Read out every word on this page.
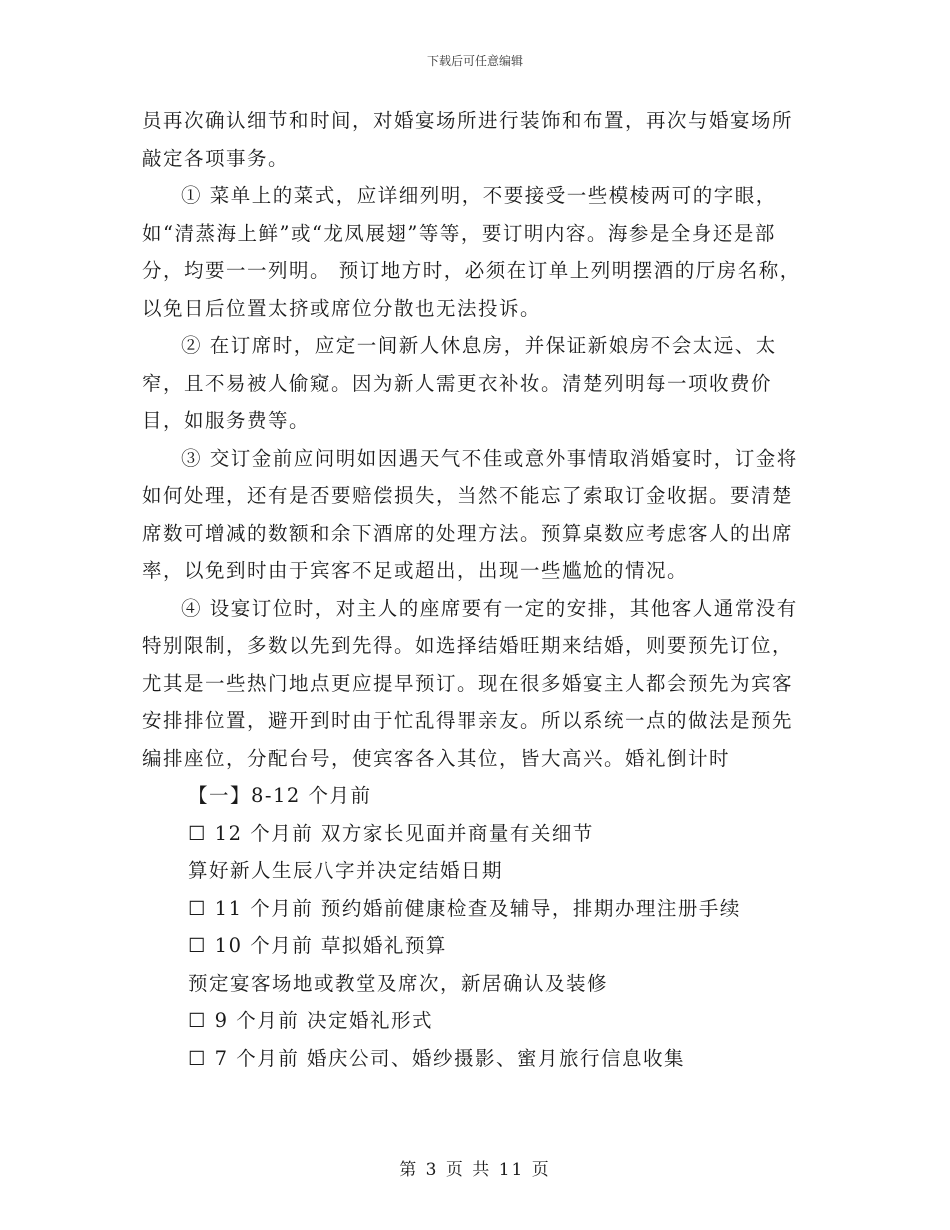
下载后可任意编辑

员再次确认细节和时间，对婚宴场所进行装饰和布置，再次与婚宴场所敲定各项事务。

① 菜单上的菜式，应详细列明，不要接受一些模棱两可的字眼，如“清蒸海上鲜”或“龙凤展翅”等等，要订明内容。海参是全身还是部分，均要一一列明。 预订地方时，必须在订单上列明摆酒的厅房名称，以免日后位置太挤或席位分散也无法投诉。

② 在订席时，应定一间新人休息房，并保证新娘房不会太远、太窄，且不易被人偷窥。因为新人需更衣补妆。清楚列明每一项收费价目，如服务费等。

③ 交订金前应问明如因遇天气不佳或意外事情取消婚宴时，订金将如何处理，还有是否要赔偿损失，当然不能忘了索取订金收据。要清楚席数可增减的数额和余下酒席的处理方法。预算桌数应考虑客人的出席率，以免到时由于宾客不足或超出，出现一些尴尬的情况。

④ 设宴订位时，对主人的座席要有一定的安排，其他客人通常没有特别限制，多数以先到先得。如选择结婚旺期来结婚，则要预先订位，尤其是一些热门地点更应提早预订。现在很多婚宴主人都会预先为宾客安排排位置，避开到时由于忙乱得罪亲友。所以系统一点的做法是预先编排座位，分配台号，使宾客各入其位，皆大高兴。婚礼倒计时

【一】8-12 个月前
☐ 12 个月前 双方家长见面并商量有关细节
算好新人生辰八字并决定结婚日期
☐ 11 个月前 预约婚前健康检查及辅导，排期办理注册手续
☐ 10 个月前 草拟婚礼预算
预定宴客场地或教堂及席次，新居确认及装修
☐ 9 个月前 决定婚礼形式
☐ 7 个月前 婚庆公司、婚纱摄影、蜜月旅行信息收集
第 3 页 共 11 页
